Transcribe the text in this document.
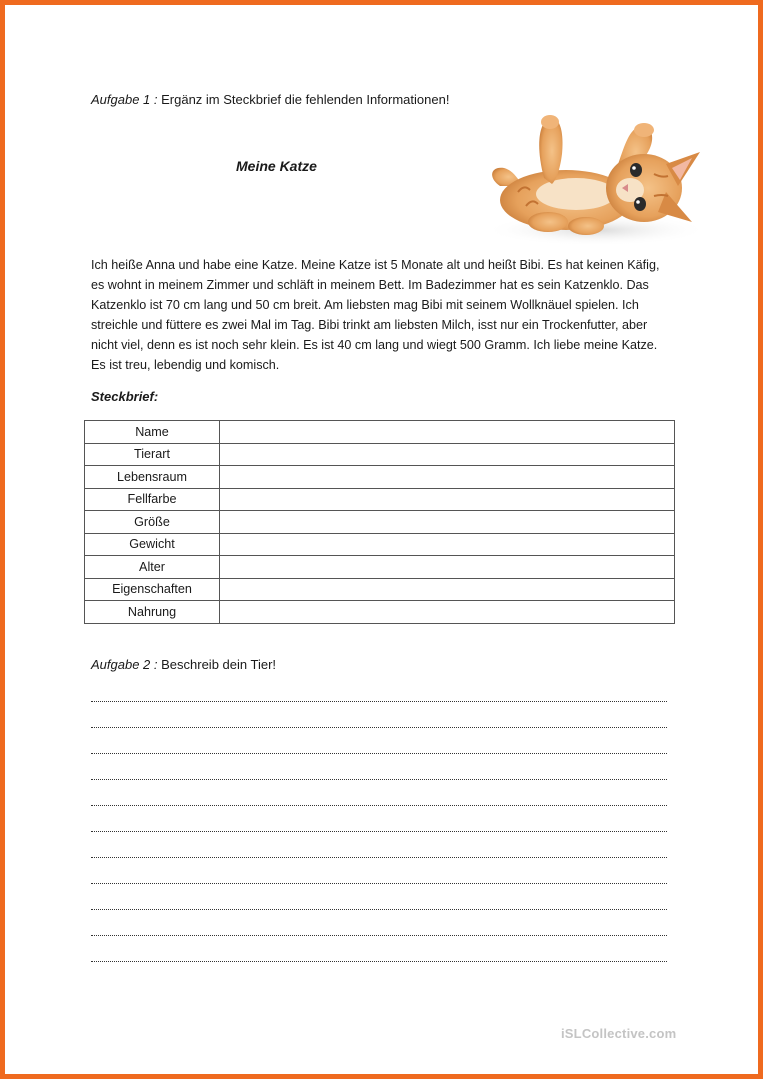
Aufgabe 1 : Ergänz im Steckbrief die fehlenden Informationen!
Meine Katze
Ich heiße Anna und habe eine Katze. Meine Katze ist 5 Monate alt und heißt Bibi. Es hat keinen Käfig,
es wohnt in meinem Zimmer und schläft in meinem Bett. Im Badezimmer hat es sein Katzenklo. Das
Katzenklo ist 70 cm lang und 50 cm breit. Am liebsten mag Bibi mit seinem Wollknäuel spielen. Ich
streichle und füttere es zwei Mal im Tag. Bibi trinkt am liebsten Milch, isst nur ein Trockenfutter, aber
nicht viel, denn es ist noch sehr klein. Es ist 40 cm lang und wiegt 500 Gramm. Ich liebe meine Katze.
Es ist treu, lebendig und komisch.
Steckbrief:
Name	
Tierart	
Lebensraum	
Fellfarbe	
Größe	
Gewicht	
Alter	
Eigenschaften	
Nahrung	
Aufgabe 2 : Beschreib dein Tier!
iSLCollective.com
